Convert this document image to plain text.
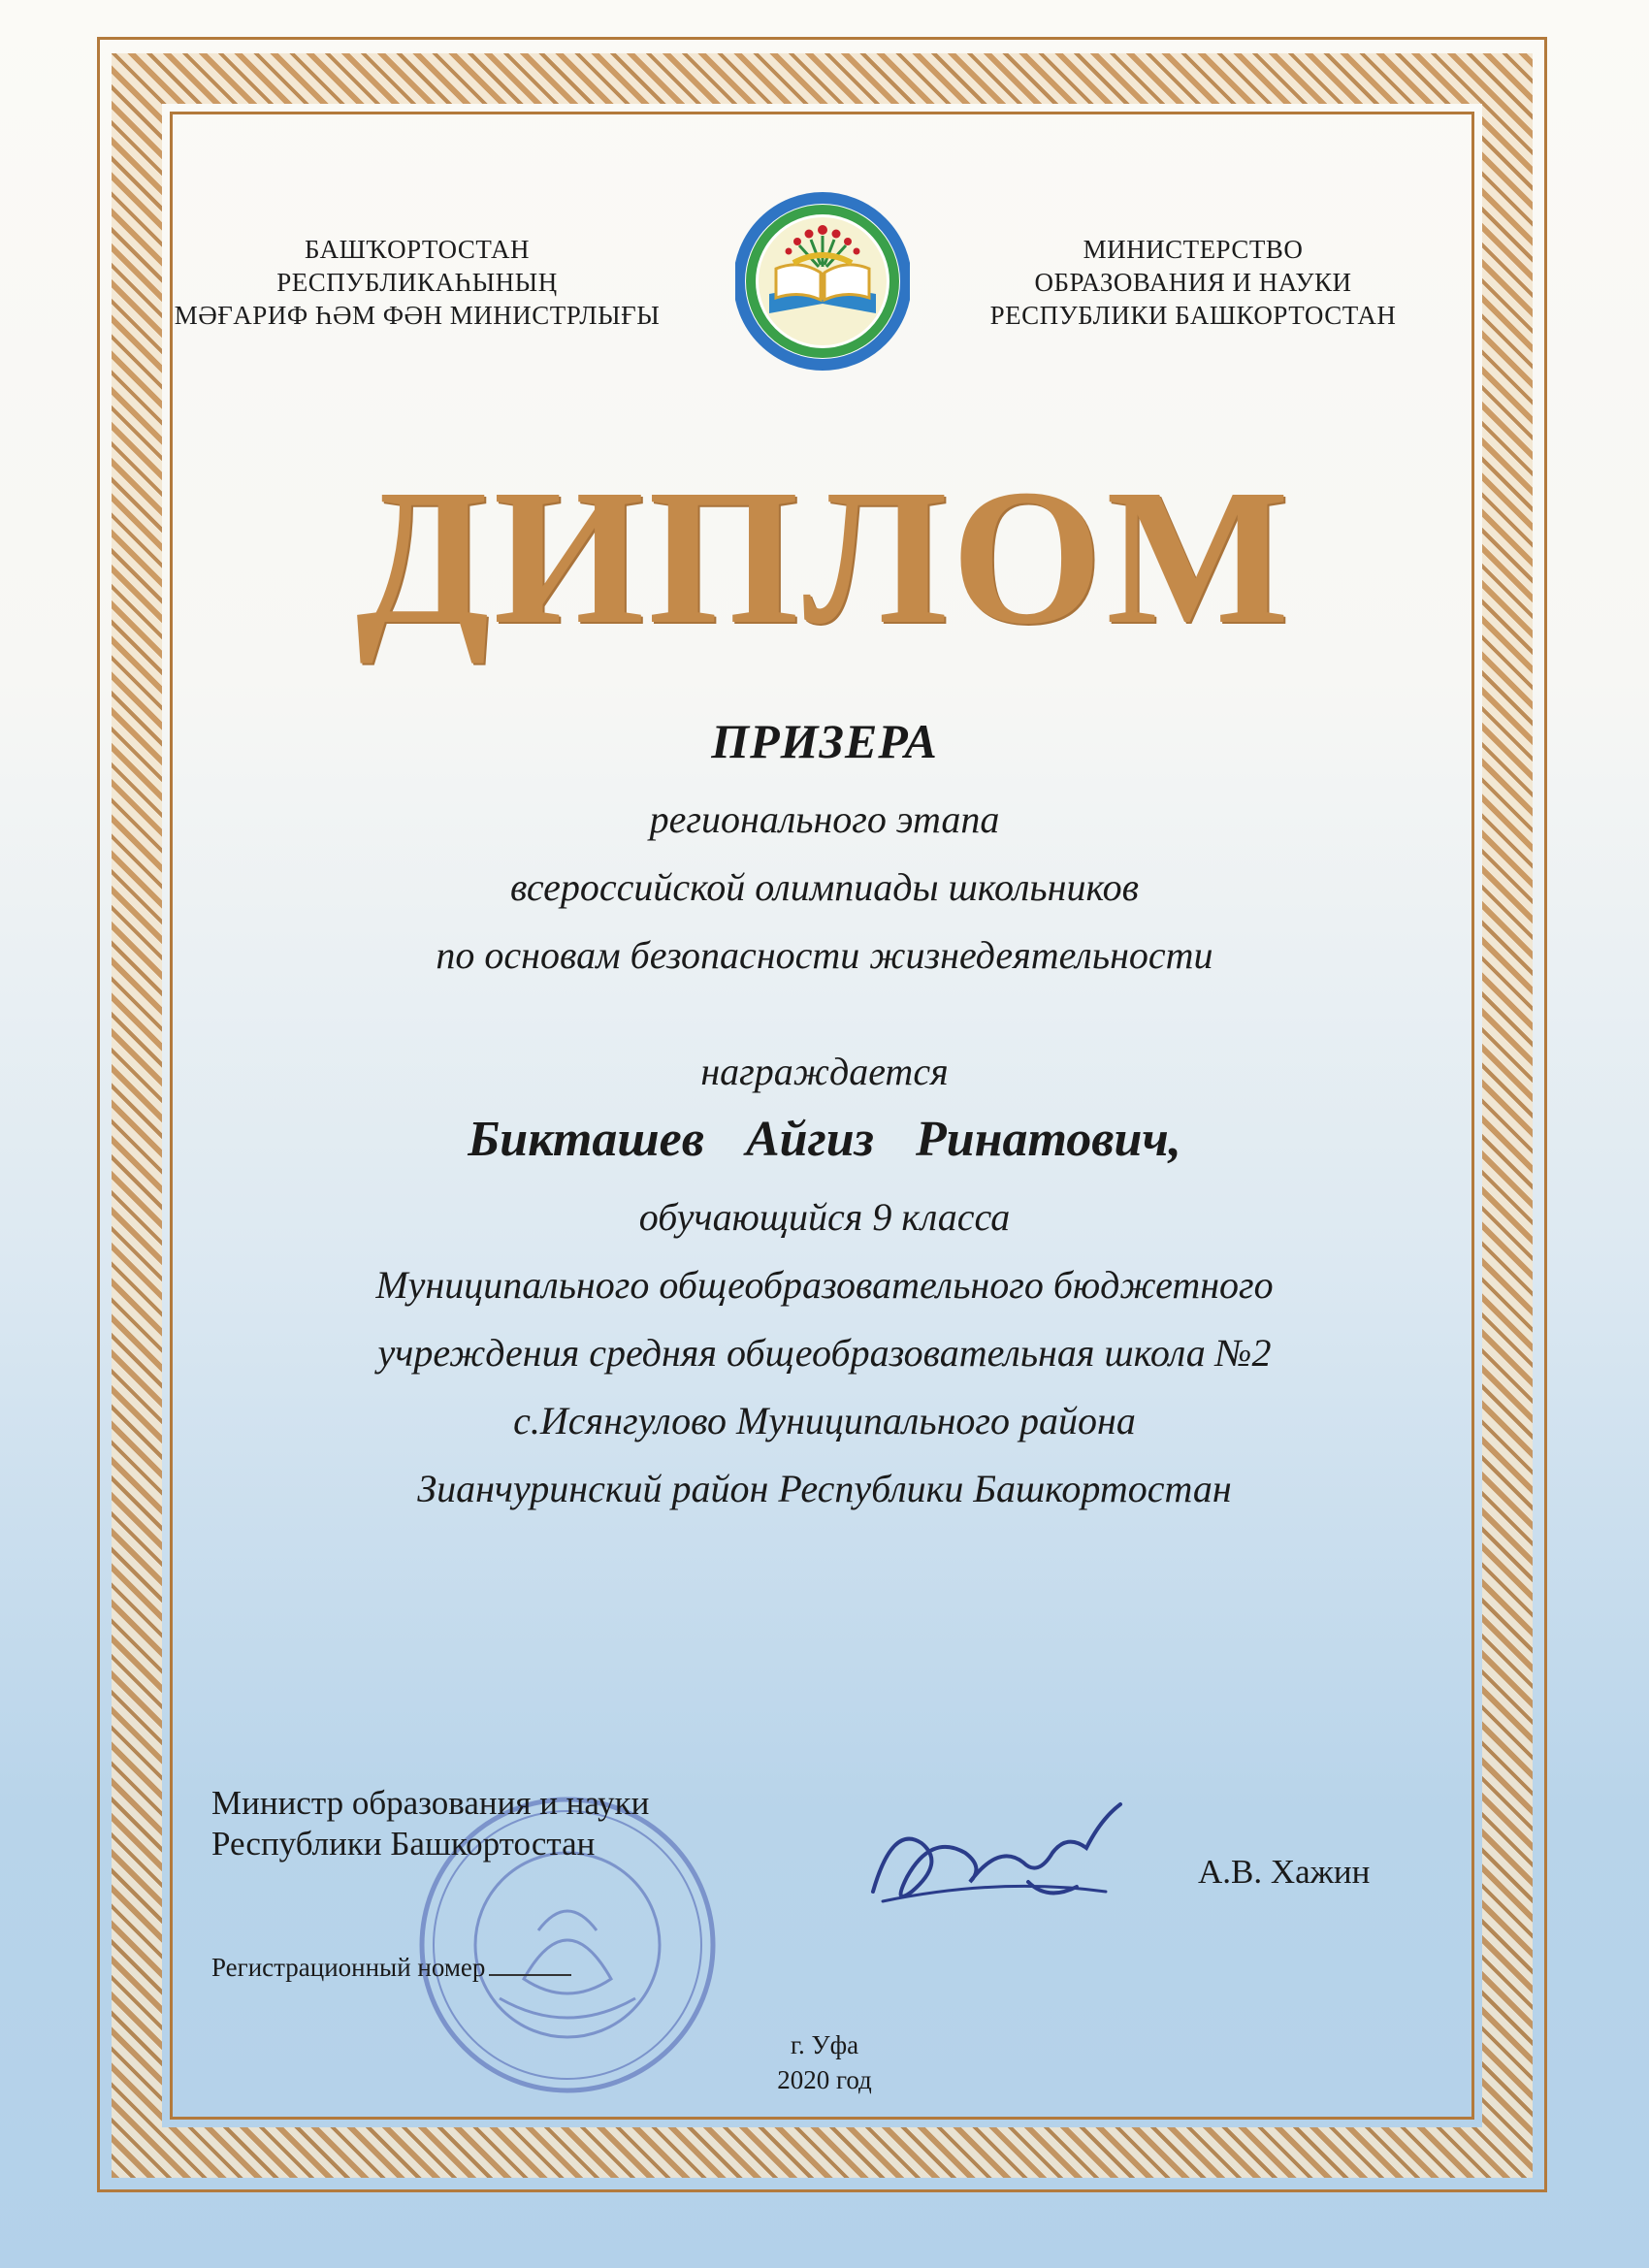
БАШҠОРТОСТАН
РЕСПУБЛИКАҺЫНЫҢ
МӘҒАРИФ ҺӘМ ФӘН МИНИСТРЛЫҒЫ
МИНИСТЕРСТВО
ОБРАЗОВАНИЯ И НАУКИ
РЕСПУБЛИКИ БАШКОРТОСТАН
ДИПЛОМ
ПРИЗЕРА
регионального этапа
всероссийской олимпиады школьников
по основам безопасности жизнедеятельности
награждается
Бикташев Айгиз Ринатович,
обучающийся 9 класса
Муниципального общеобразовательного бюджетного
учреждения средняя общеобразовательная школа №2
с.Исянгулово Муниципального района
Зианчуринский район Республики Башкортостан
Министр образования и науки
Республики Башкортостан
А.В. Хажин
Регистрационный номер
г. Уфа
2020 год
